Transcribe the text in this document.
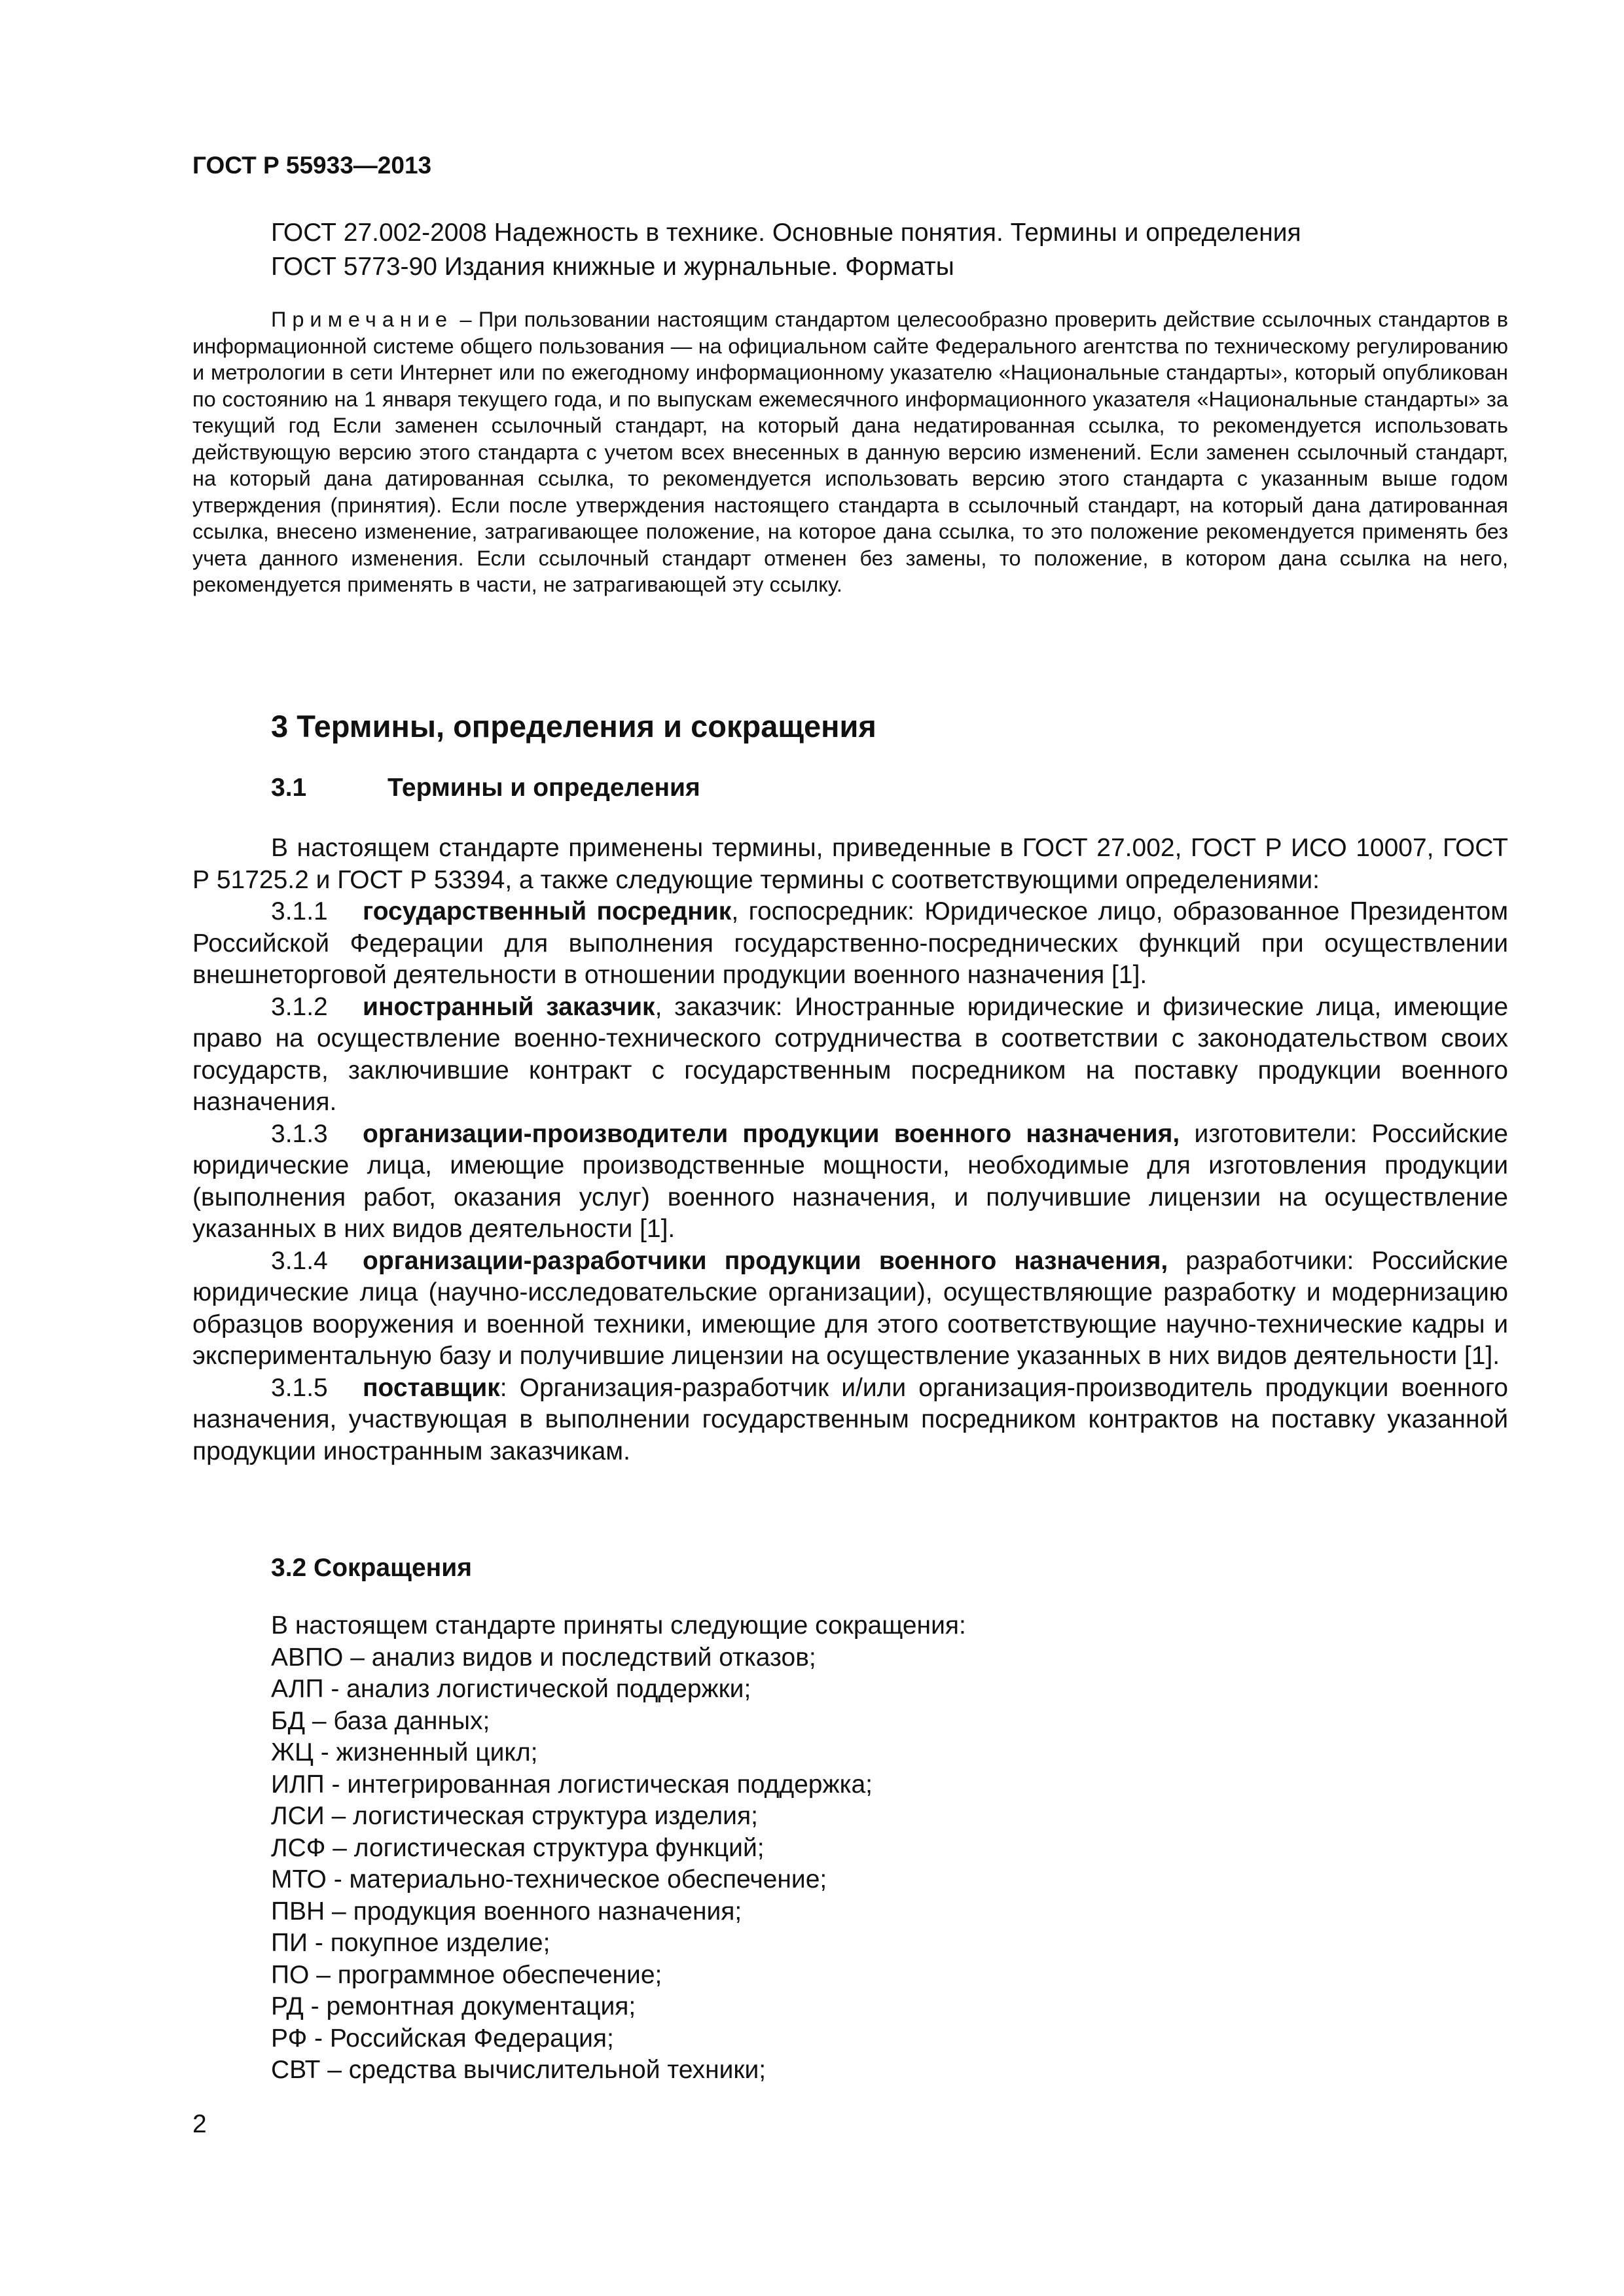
ГОСТ Р 55933—2013
ГОСТ 27.002-2008 Надежность в технике. Основные понятия. Термины и определения
ГОСТ 5773-90 Издания книжные и журнальные. Форматы
Примечание – При пользовании настоящим стандартом целесообразно проверить действие ссылочных стандартов в информационной системе общего пользования — на официальном сайте Федерального агентства по техническому регулированию и метрологии в сети Интернет или по ежегодному информационному указателю «Национальные стандарты», который опубликован по состоянию на 1 января текущего года, и по выпускам ежемесячного информационного указателя «Национальные стандарты» за текущий год Если заменен ссылочный стандарт, на который дана недатированная ссылка, то рекомендуется использовать действующую версию этого стандарта с учетом всех внесенных в данную версию изменений. Если заменен ссылочный стандарт, на который дана датированная ссылка, то рекомендуется использовать версию этого стандарта с указанным выше годом утверждения (принятия). Если после утверждения настоящего стандарта в ссылочный стандарт, на который дана датированная ссылка, внесено изменение, затрагивающее положение, на которое дана ссылка, то это положение рекомендуется применять без учета данного изменения. Если ссылочный стандарт отменен без замены, то положение, в котором дана ссылка на него, рекомендуется применять в части, не затрагивающей эту ссылку.
3 Термины, определения и сокращения
3.1	Термины и определения

В настоящем стандарте применены термины, приведенные в ГОСТ 27.002, ГОСТ Р ИСО 10007, ГОСТ Р 51725.2 и ГОСТ Р 53394, а также следующие термины с соответствующими определениями:

3.1.1 государственный посредник, госпосредник: Юридическое лицо, образованное Президентом Российской Федерации для выполнения государственно-посреднических функций при осуществлении внешнеторговой деятельности в отношении продукции военного назначения [1].

3.1.2 иностранный заказчик, заказчик: Иностранные юридические и физические лица, имеющие право на осуществление военно-технического сотрудничества в соответствии с законодательством своих государств, заключившие контракт с государственным посредником на поставку продукции военного назначения.

3.1.3 организации-производители продукции военного назначения, изготовители: Российские юридические лица, имеющие производственные мощности, необходимые для изготовления продукции (выполнения работ, оказания услуг) военного назначения, и получившие лицензии на осуществление указанных в них видов деятельности [1].

3.1.4 организации-разработчики продукции военного назначения, разработчики: Российские юридические лица (научно-исследовательские организации), осуществляющие разработку и модернизацию образцов вооружения и военной техники, имеющие для этого соответствующие научно-технические кадры и экспериментальную базу и получившие лицензии на осуществление указанных в них видов деятельности [1].

3.1.5 поставщик: Организация-разработчик и/или организация-производитель продукции военного назначения, участвующая в выполнении государственным посредником контрактов на поставку указанной продукции иностранным заказчикам.

3.2 Сокращения
В настоящем стандарте приняты следующие сокращения:
АВПО – анализ видов и последствий отказов;
АЛП - анализ логистической поддержки;
БД – база данных;
ЖЦ - жизненный цикл;
ИЛП - интегрированная логистическая поддержка;
ЛСИ – логистическая структура изделия;
ЛСФ – логистическая структура функций;
МТО - материально-техническое обеспечение;
ПВН – продукция военного назначения;
ПИ - покупное изделие;
ПО – программное обеспечение;
РД - ремонтная документация;
РФ - Российская Федерация;
СВТ – средства вычислительной техники;
2
